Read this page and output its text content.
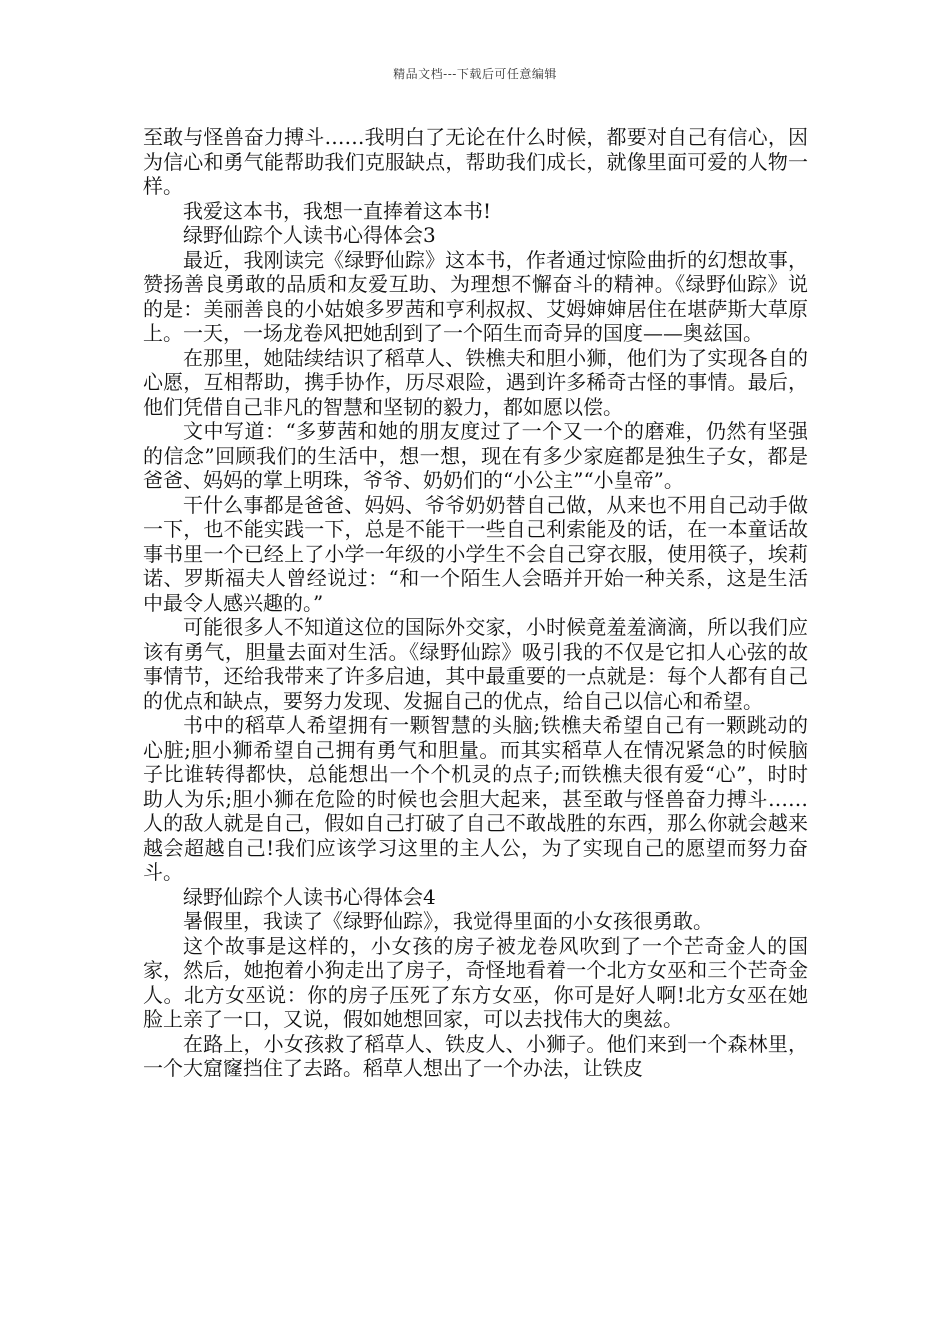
精品文档---下载后可任意编辑

至敢与怪兽奋力搏斗……我明白了无论在什么时候，都要对自己有信心，因为信心和勇气能帮助我们克服缺点，帮助我们成长，就像里面可爱的人物一样。

我爱这本书，我想一直捧着这本书!

绿野仙踪个人读书心得体会3

最近，我刚读完《绿野仙踪》这本书，作者通过惊险曲折的幻想故事，赞扬善良勇敢的品质和友爱互助、为理想不懈奋斗的精神。《绿野仙踪》说的是：美丽善良的小姑娘多罗茜和亨利叔叔、艾姆婶婶居住在堪萨斯大草原上。一天，一场龙卷风把她刮到了一个陌生而奇异的国度——奥兹国。

在那里，她陆续结识了稻草人、铁樵夫和胆小狮，他们为了实现各自的心愿，互相帮助，携手协作，历尽艰险，遇到许多稀奇古怪的事情。最后，他们凭借自己非凡的智慧和坚韧的毅力，都如愿以偿。

文中写道：“多萝茜和她的朋友度过了一个又一个的磨难，仍然有坚强的信念”回顾我们的生活中，想一想，现在有多少家庭都是独生子女，都是爸爸、妈妈的掌上明珠，爷爷、奶奶们的“小公主”“小皇帝”。

干什么事都是爸爸、妈妈、爷爷奶奶替自己做，从来也不用自己动手做一下，也不能实践一下，总是不能干一些自己利索能及的话，在一本童话故事书里一个已经上了小学一年级的小学生不会自己穿衣服，使用筷子，埃莉诺、罗斯福夫人曾经说过：“和一个陌生人会晤并开始一种关系，这是生活中最令人感兴趣的。”

可能很多人不知道这位的国际外交家，小时候竟羞羞滴滴，所以我们应该有勇气，胆量去面对生活。《绿野仙踪》吸引我的不仅是它扣人心弦的故事情节，还给我带来了许多启迪，其中最重要的一点就是：每个人都有自己的优点和缺点，要努力发现、发掘自己的优点，给自己以信心和希望。

书中的稻草人希望拥有一颗智慧的头脑;铁樵夫希望自己有一颗跳动的心脏;胆小狮希望自己拥有勇气和胆量。而其实稻草人在情况紧急的时候脑子比谁转得都快，总能想出一个个机灵的点子;而铁樵夫很有爱“心”，时时助人为乐;胆小狮在危险的时候也会胆大起来，甚至敢与怪兽奋力搏斗……人的敌人就是自己，假如自己打破了自己不敢战胜的东西，那么你就会越来越会超越自己!我们应该学习这里的主人公，为了实现自己的愿望而努力奋斗。

绿野仙踪个人读书心得体会4

暑假里，我读了《绿野仙踪》，我觉得里面的小女孩很勇敢。

这个故事是这样的，小女孩的房子被龙卷风吹到了一个芒奇金人的国家，然后，她抱着小狗走出了房子，奇怪地看着一个北方女巫和三个芒奇金人。北方女巫说：你的房子压死了东方女巫，你可是好人啊!北方女巫在她脸上亲了一口，又说，假如她想回家，可以去找伟大的奥兹。

在路上，小女孩救了稻草人、铁皮人、小狮子。他们来到一个森林里，一个大窟窿挡住了去路。稻草人想出了一个办法，让铁皮
